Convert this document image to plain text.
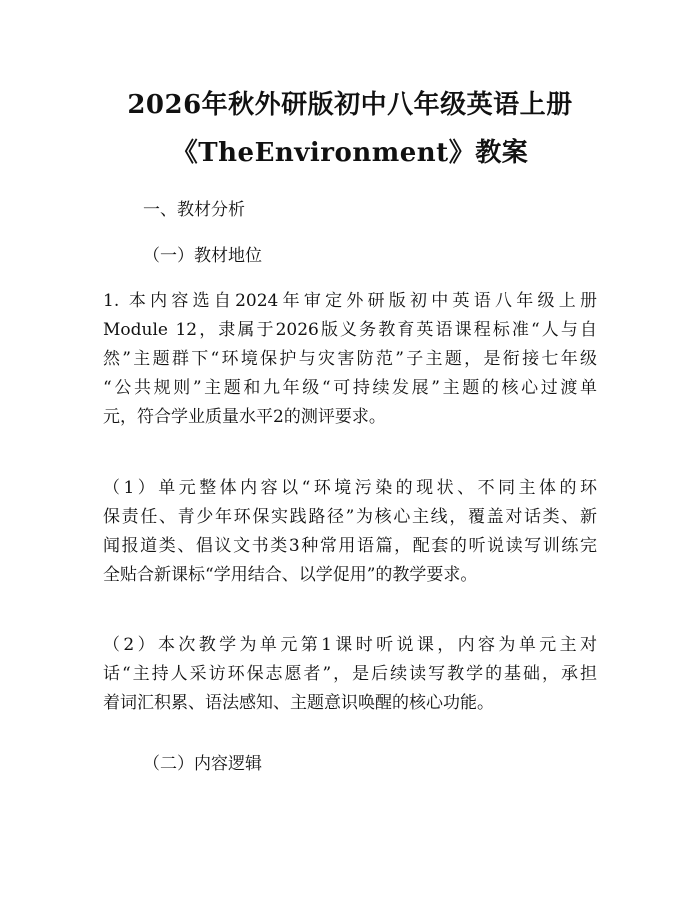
2026年秋外研版初中八年级英语上册
《TheEnvironment》教案
一、教材分析
（一）教材地位
1. 本内容选自2024年审定外研版初中英语八年级上册
Module 12，隶属于2026版义务教育英语课程标准“人与自
然”主题群下“环境保护与灾害防范”子主题，是衔接七年级
“公共规则”主题和九年级“可持续发展”主题的核心过渡单
元，符合学业质量水平2的测评要求。
（1）单元整体内容以“环境污染的现状、不同主体的环
保责任、青少年环保实践路径”为核心主线，覆盖对话类、新
闻报道类、倡议文书类3种常用语篇，配套的听说读写训练完
全贴合新课标“学用结合、以学促用”的教学要求。
（2）本次教学为单元第1课时听说课，内容为单元主对
话“主持人采访环保志愿者”，是后续读写教学的基础，承担
着词汇积累、语法感知、主题意识唤醒的核心功能。
（二）内容逻辑
